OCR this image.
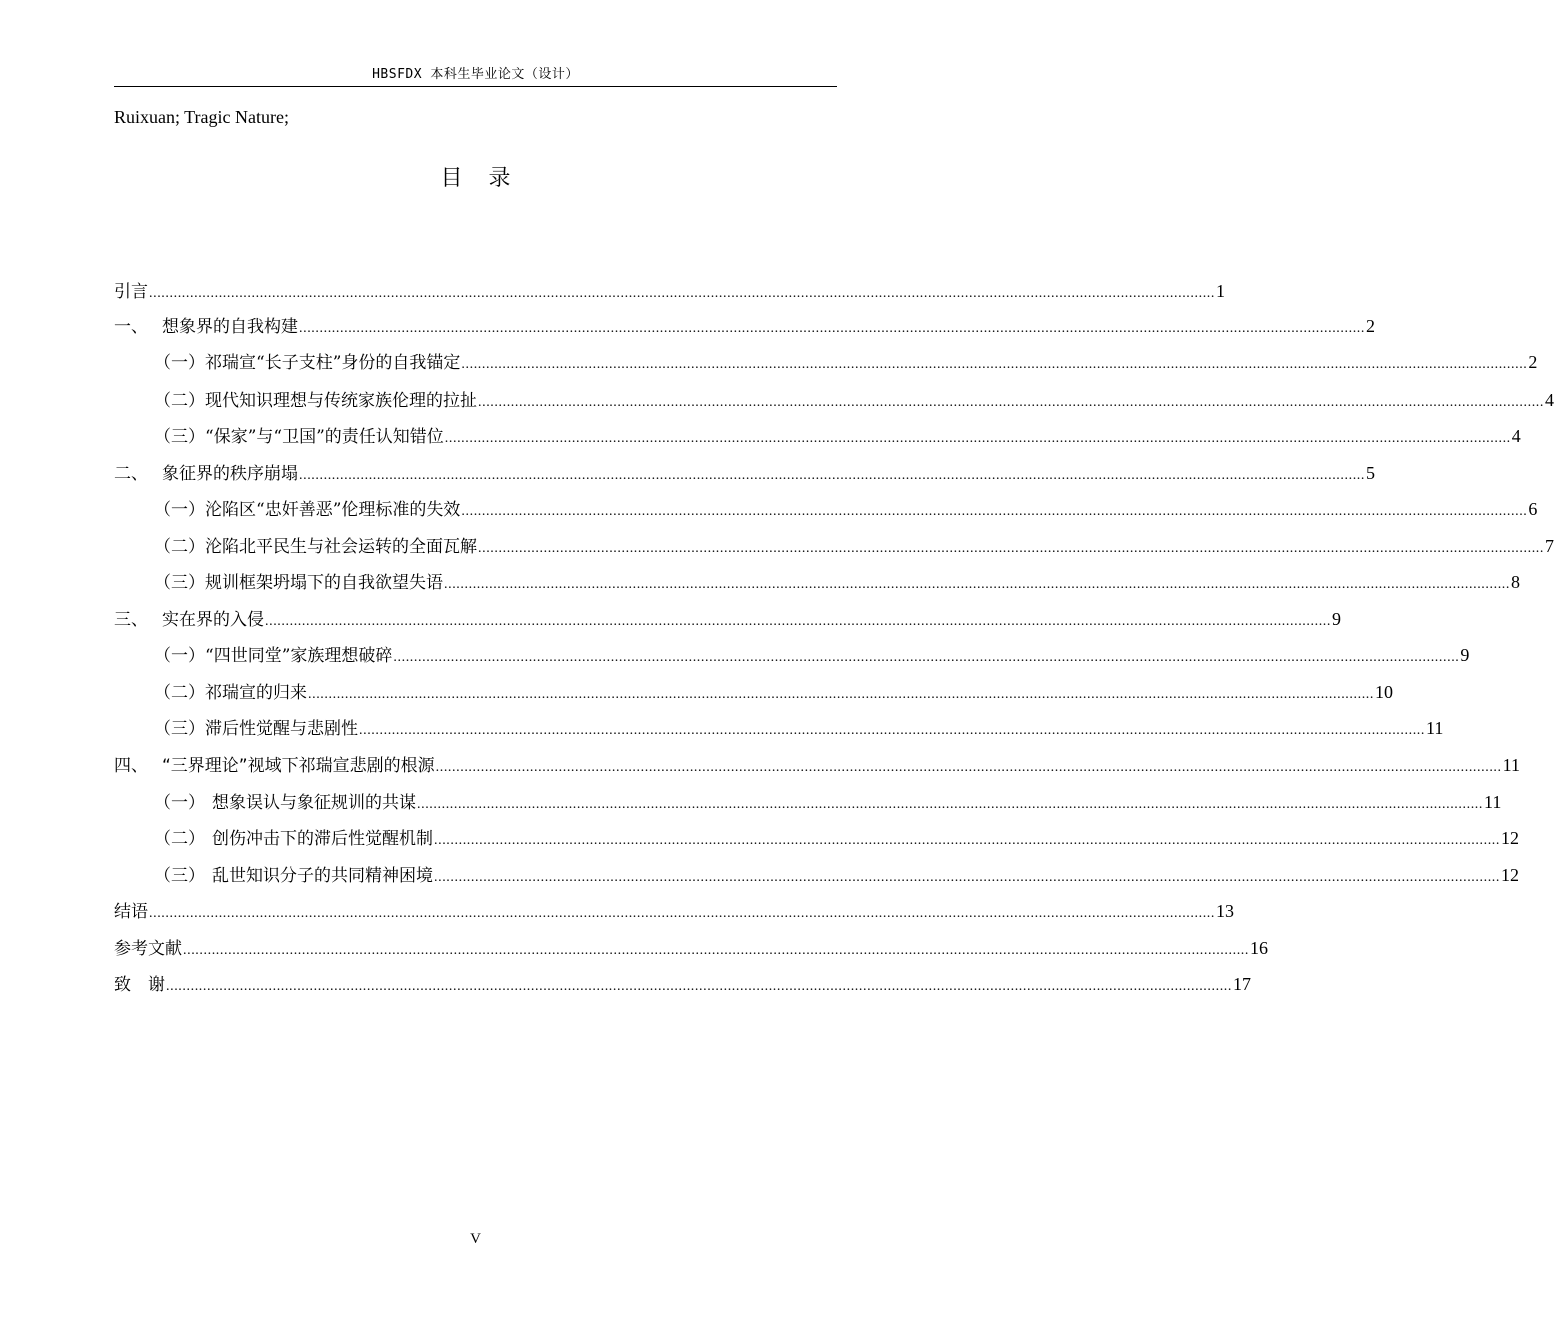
HBSFDX 本科生毕业论文（设计）
Ruixuan; Tragic Nature;
目录
引言 .................................................................................................................................................................................................................................................................... 1
一、 想象界的自我构建 .................................................................................................................................................................................................................................................................... 2
（一）祁瑞宣“长子支柱”身份的自我锚定 .................................................................................................................................................................................................................................................................... 2
（二）现代知识理想与传统家族伦理的拉扯 .................................................................................................................................................................................................................................................................... 4
（三）“保家”与“卫国”的责任认知错位 .................................................................................................................................................................................................................................................................... 4
二、 象征界的秩序崩塌 .................................................................................................................................................................................................................................................................... 5
（一）沦陷区“忠奸善恶”伦理标准的失效 .................................................................................................................................................................................................................................................................... 6
（二）沦陷北平民生与社会运转的全面瓦解 .................................................................................................................................................................................................................................................................... 7
（三）规训框架坍塌下的自我欲望失语 .................................................................................................................................................................................................................................................................... 8
三、 实在界的入侵 .................................................................................................................................................................................................................................................................... 9
（一）“四世同堂”家族理想破碎 .................................................................................................................................................................................................................................................................... 9
（二）祁瑞宣的归来 .................................................................................................................................................................................................................................................................... 10
（三）滞后性觉醒与悲剧性 .................................................................................................................................................................................................................................................................... 11
四、 “三界理论”视域下祁瑞宣悲剧的根源 .................................................................................................................................................................................................................................................................... 11
（一） 想象误认与象征规训的共谋 .................................................................................................................................................................................................................................................................... 11
（二） 创伤冲击下的滞后性觉醒机制 .................................................................................................................................................................................................................................................................... 12
（三） 乱世知识分子的共同精神困境 .................................................................................................................................................................................................................................................................... 12
结语 .................................................................................................................................................................................................................................................................... 13
参考文献 .................................................................................................................................................................................................................................................................... 16
致　谢 .................................................................................................................................................................................................................................................................... 17
V
